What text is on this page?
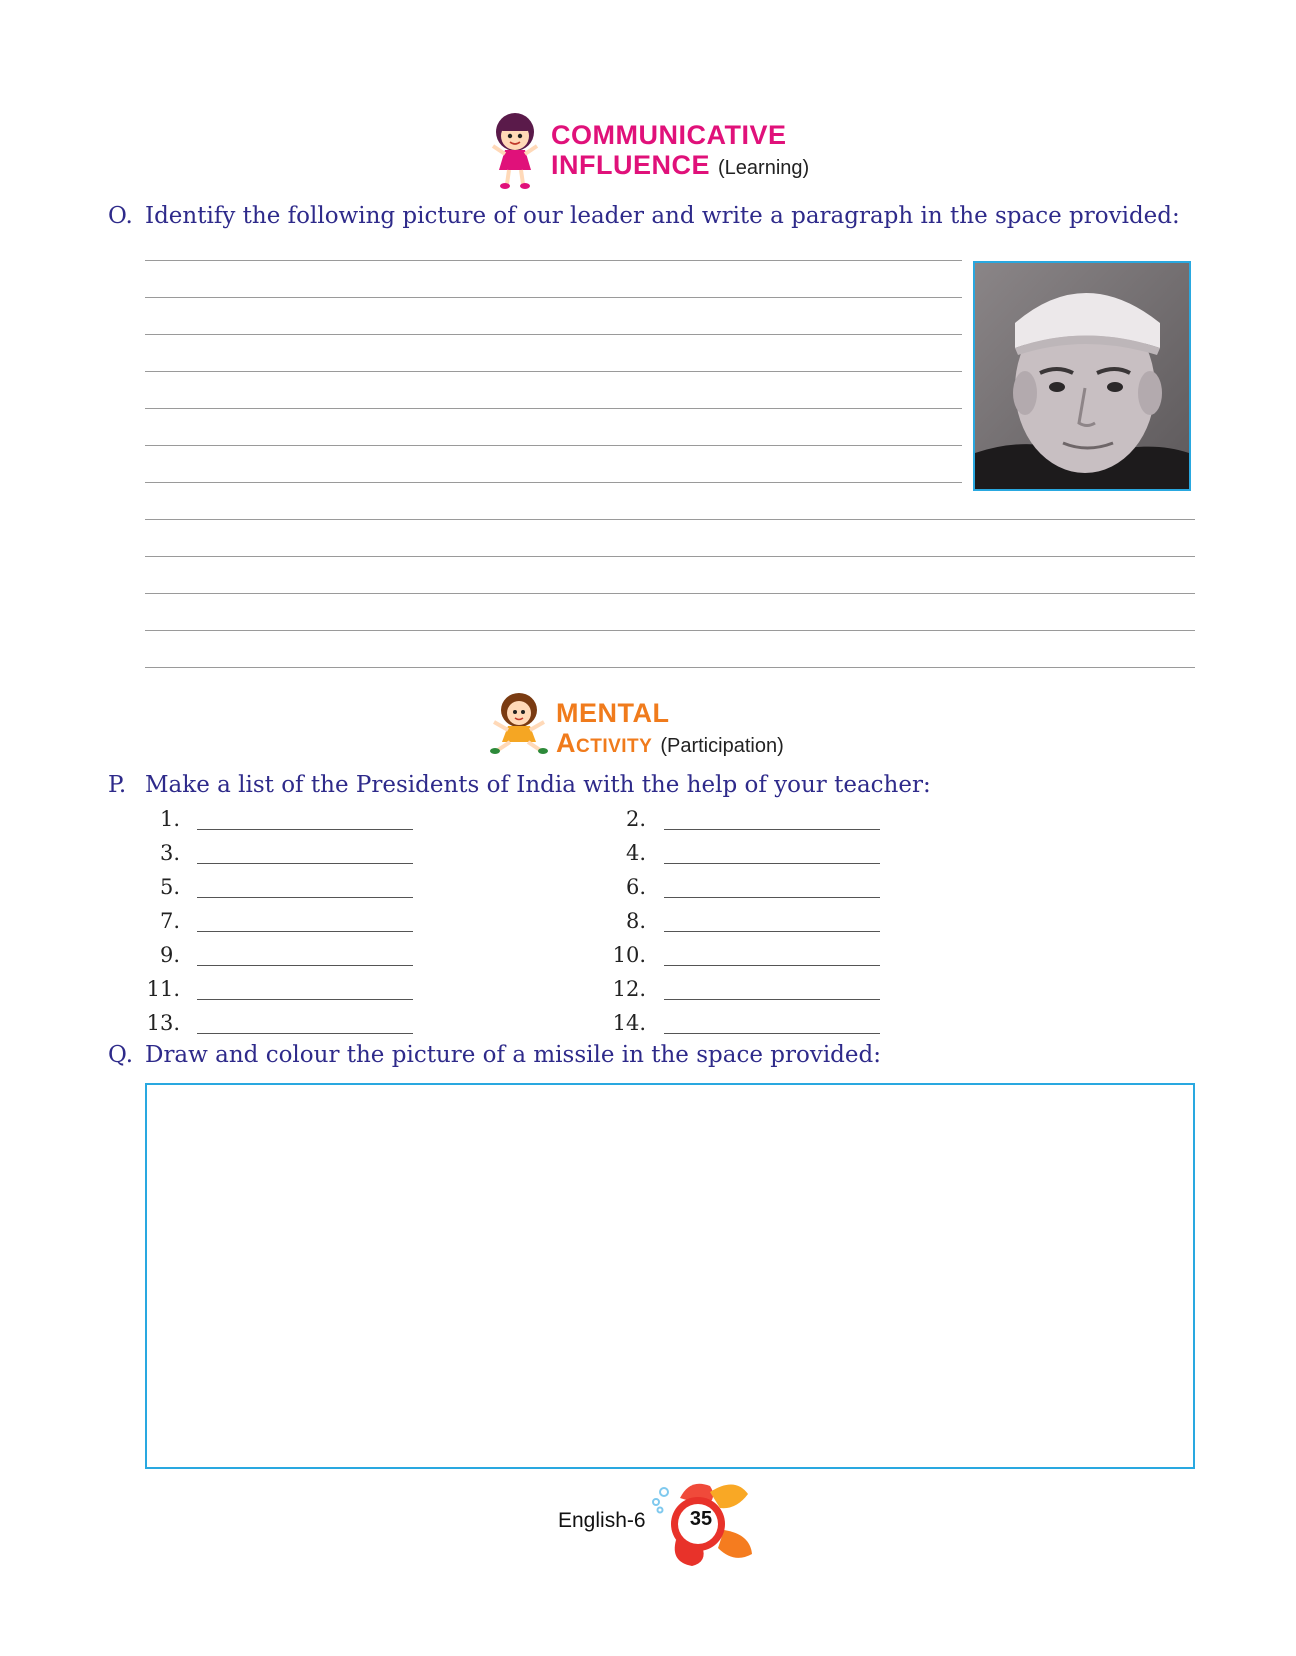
COMMUNICATIVE
INFLUENCE (Learning)
O. Identify the following picture of our leader and write a paragraph in the space provided:
MENTAL
Activity (Participation)
P. Make a list of the Presidents of India with the help of your teacher:
1.
3.
5.
7.
9.
11.
13.
2.
4.
6.
8.
10.
12.
14.
Q. Draw and colour the picture of a missile in the space provided:
English-6	35
